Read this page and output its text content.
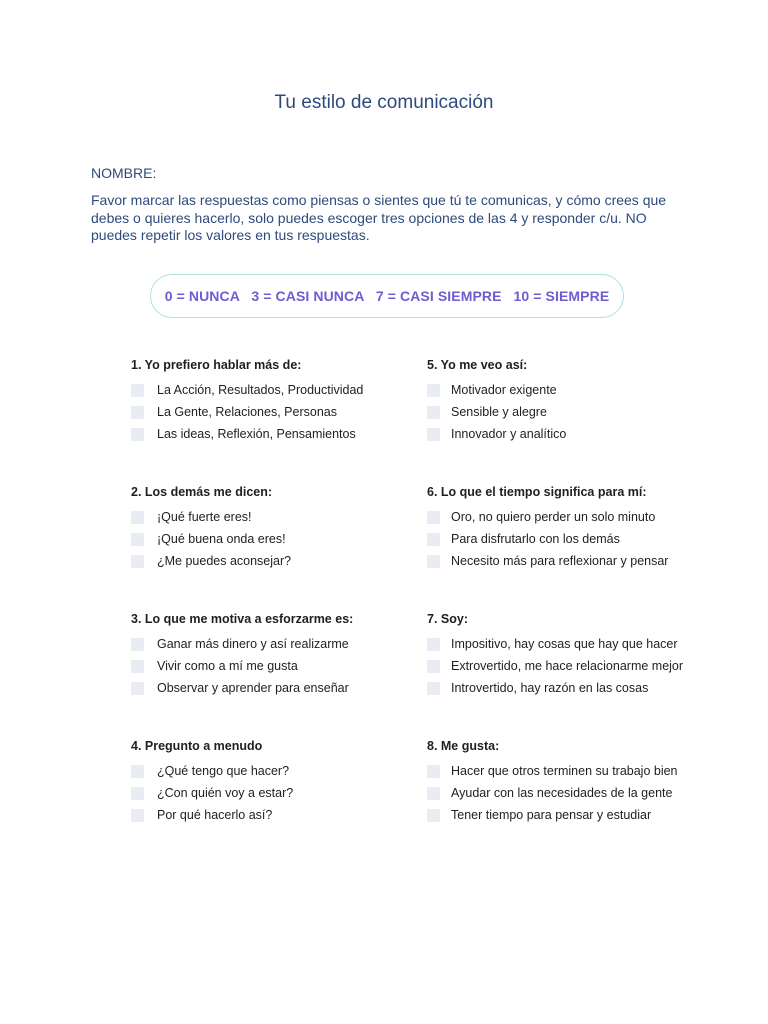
Tu estilo de comunicación
NOMBRE:
Favor marcar las respuestas como piensas o sientes que tú te comunicas, y cómo crees que debes o quieres hacerlo, solo puedes escoger tres opciones de las 4 y responder c/u. NO puedes repetir los valores en tus respuestas.
0 = NUNCA   3 = CASI NUNCA   7 = CASI SIEMPRE   10 = SIEMPRE
1. Yo prefiero hablar más de:
La Acción, Resultados, Productividad
La Gente, Relaciones, Personas
Las ideas, Reflexión, Pensamientos
2. Los demás me dicen:
¡Qué fuerte eres!
¡Qué buena onda eres!
¿Me puedes aconsejar?
3. Lo que me motiva a esforzarme es:
Ganar más dinero y así realizarme
Vivir como a mí me gusta
Observar y aprender para enseñar
4. Pregunto a menudo
¿Qué tengo que hacer?
¿Con quién voy a estar?
Por qué hacerlo así?
5. Yo me veo así:
Motivador exigente
Sensible y alegre
Innovador y analítico
6. Lo que el tiempo significa para mí:
Oro, no quiero perder un solo minuto
Para disfrutarlo con los demás
Necesito más para reflexionar y pensar
7. Soy:
Impositivo, hay cosas que hay que hacer
Extrovertido, me hace relacionarme mejor
Introvertido, hay razón en las cosas
8. Me gusta:
Hacer que otros terminen su trabajo bien
Ayudar con las necesidades de la gente
Tener tiempo para pensar y estudiar
